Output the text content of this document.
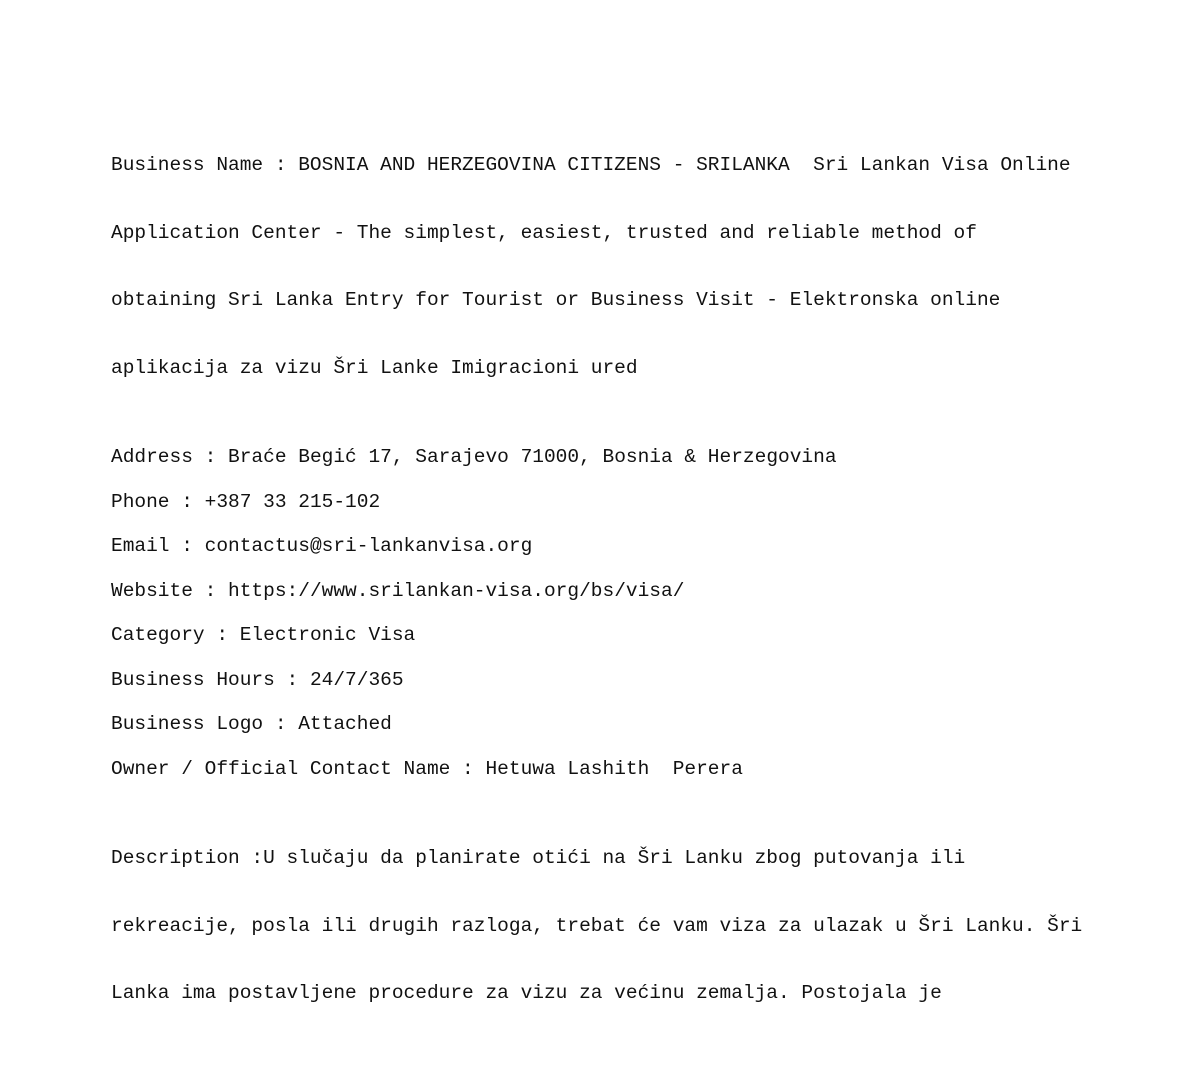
Business Name : BOSNIA AND HERZEGOVINA CITIZENS - SRILANKA  Sri Lankan Visa Online

Application Center - The simplest, easiest, trusted and reliable method of

obtaining Sri Lanka Entry for Tourist or Business Visit - Elektronska online

aplikacija za vizu Šri Lanke Imigracioni ured

Address : Braće Begić 17, Sarajevo 71000, Bosnia & Herzegovina
Phone : +387 33 215-102
Email : contactus@sri-lankanvisa.org
Website : https://www.srilankan-visa.org/bs/visa/
Category : Electronic Visa
Business Hours : 24/7/365
Business Logo : Attached
Owner / Official Contact Name : Hetuwa Lashith  Perera

Description :U slučaju da planirate otići na Šri Lanku zbog putovanja ili

rekreacije, posla ili drugih razloga, trebat će vam viza za ulazak u Šri Lanku. Šri

Lanka ima postavljene procedure za vizu za većinu zemalja. Postojala je
